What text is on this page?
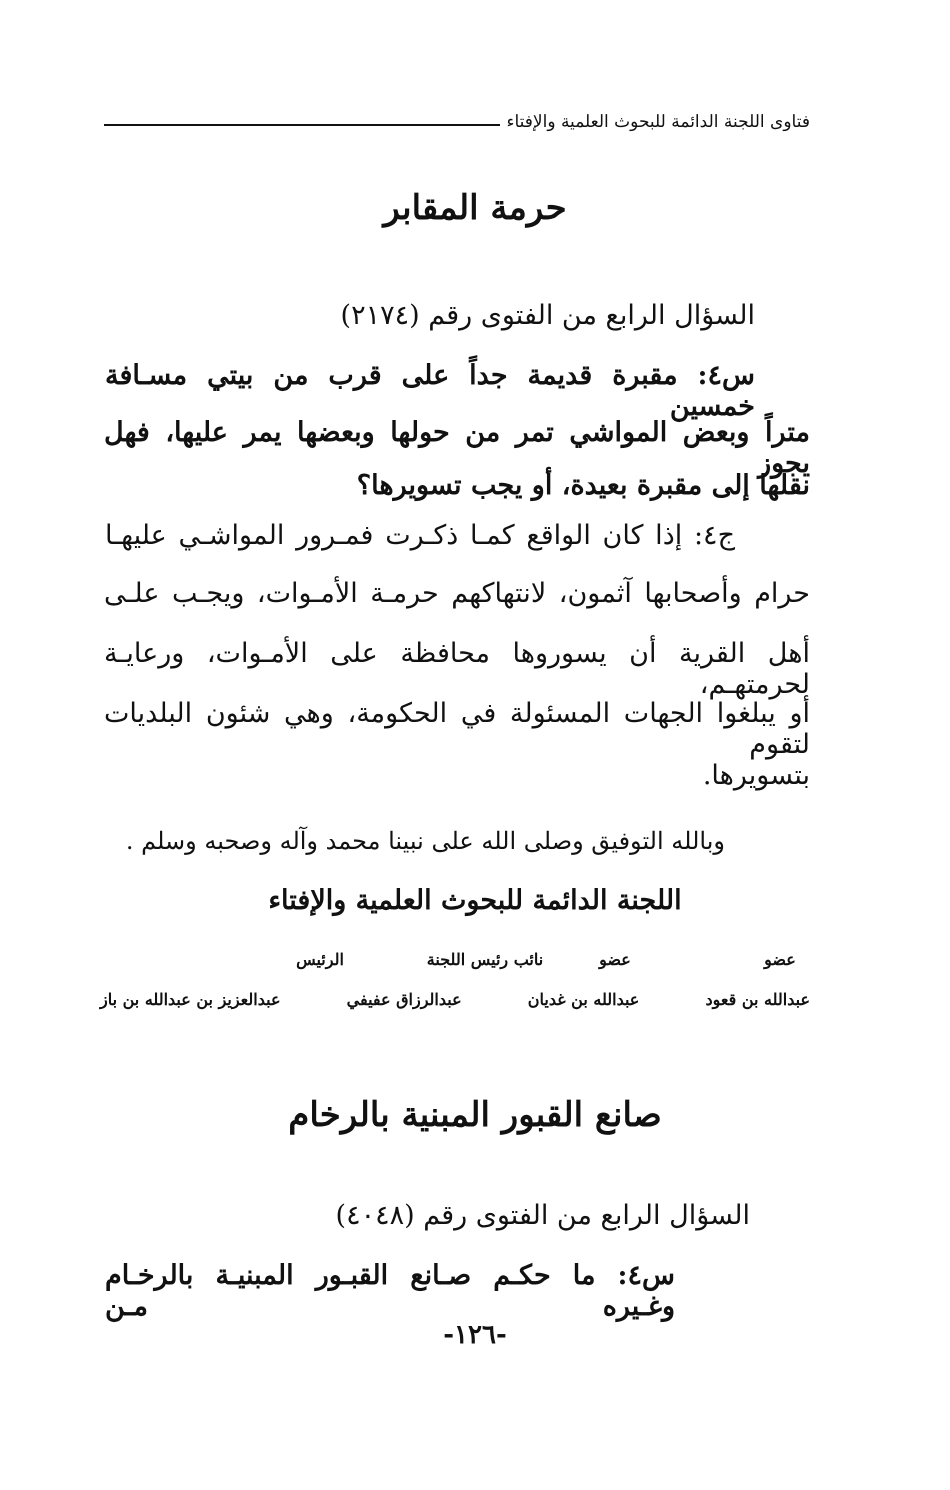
فتاوى اللجنة الدائمة للبحوث العلمية والإفتاء
حرمة المقابر
السؤال الرابع من الفتوى رقم (٢١٧٤)
س٤: مقبرة قديمة جداً على قرب من بيتي مسـافة خمسين
متراً وبعض المواشي تمر من حولها وبعضها يمر عليها، فهل يجوز
نقلها إلى مقبرة بعيدة، أو يجب تسويرها؟
ج٤: إذا كان الواقع كمـا ذكـرت فمـرور المواشـي عليهـا
حرام وأصحابها آثمون، لانتهاكهم حرمـة الأمـوات، ويجـب علـى
أهل القرية أن يسوروها محافظة على الأمـوات، ورعايـة لحرمتهـم،
أو يبلغوا الجهات المسئولة في الحكومة، وهي شئون البلديات لتقوم
بتسويرها.
وبالله التوفيق وصلى الله على نبينا محمد وآله وصحبه وسلم .
اللجنة الدائمة للبحوث العلمية والإفتاء
عضو
عضو
نائب رئيس اللجنة
الرئيس
عبدالله بن قعود
عبدالله بن غديان
عبدالرزاق عفيفي
عبدالعزيز بن عبدالله بن باز
صانع القبور المبنية بالرخام
السؤال الرابع من الفتوى رقم (٤٠٤٨)
س٤: ما حكـم صـانع القبـور المبنيـة بالرخـام وغـيره مـن
-١٢٦-
